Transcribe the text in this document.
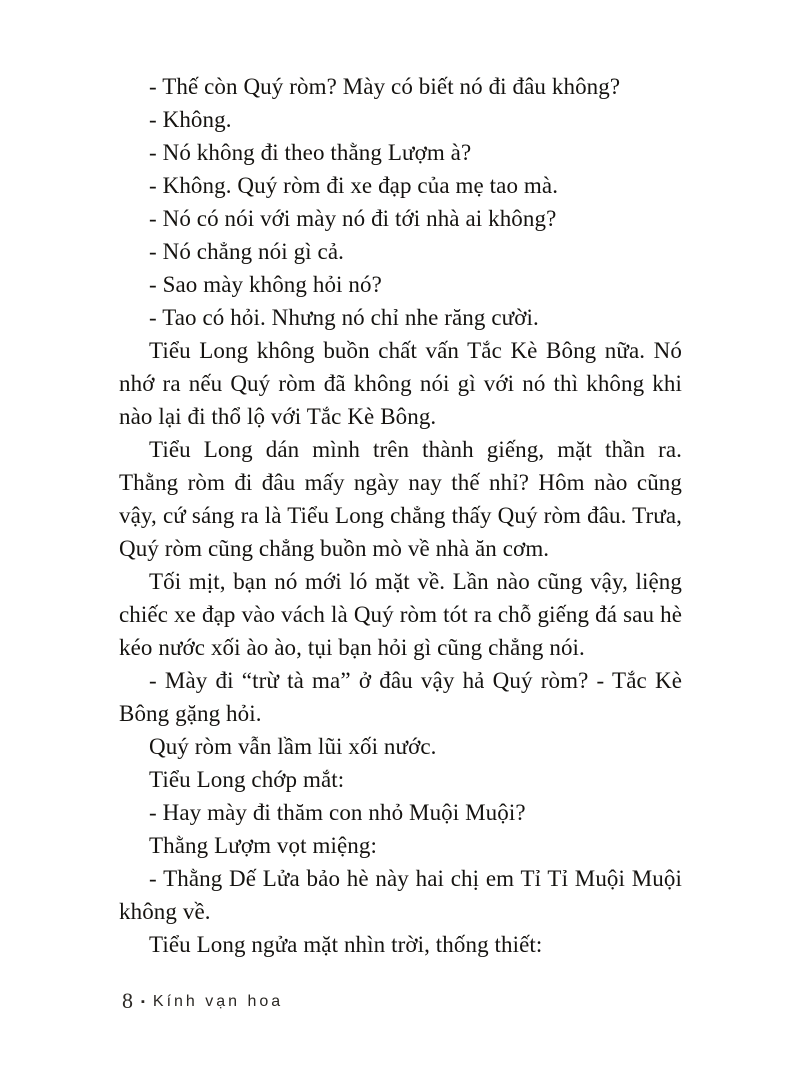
- Thế còn Quý ròm? Mày có biết nó đi đâu không?

- Không.

- Nó không đi theo thằng Lượm à?

- Không. Quý ròm đi xe đạp của mẹ tao mà.

- Nó có nói với mày nó đi tới nhà ai không?

- Nó chẳng nói gì cả.

- Sao mày không hỏi nó?

- Tao có hỏi. Nhưng nó chỉ nhe răng cười.

Tiểu Long không buồn chất vấn Tắc Kè Bông nữa. Nó nhớ ra nếu Quý ròm đã không nói gì với nó thì không khi nào lại đi thổ lộ với Tắc Kè Bông.

Tiểu Long dán mình trên thành giếng, mặt thần ra. Thằng ròm đi đâu mấy ngày nay thế nhỉ? Hôm nào cũng vậy, cứ sáng ra là Tiểu Long chẳng thấy Quý ròm đâu. Trưa, Quý ròm cũng chẳng buồn mò về nhà ăn cơm.

Tối mịt, bạn nó mới ló mặt về. Lần nào cũng vậy, liệng chiếc xe đạp vào vách là Quý ròm tót ra chỗ giếng đá sau hè kéo nước xối ào ào, tụi bạn hỏi gì cũng chẳng nói.

- Mày đi “trừ tà ma” ở đâu vậy hả Quý ròm? - Tắc Kè Bông gặng hỏi.

Quý ròm vẫn lầm lũi xối nước.

Tiểu Long chớp mắt:

- Hay mày đi thăm con nhỏ Muội Muội?

Thằng Lượm vọt miệng:

- Thằng Dế Lửa bảo hè này hai chị em Tỉ Tỉ Muội Muội không về.

Tiểu Long ngửa mặt nhìn trời, thống thiết:

8 ▪ Kính vạn hoa
